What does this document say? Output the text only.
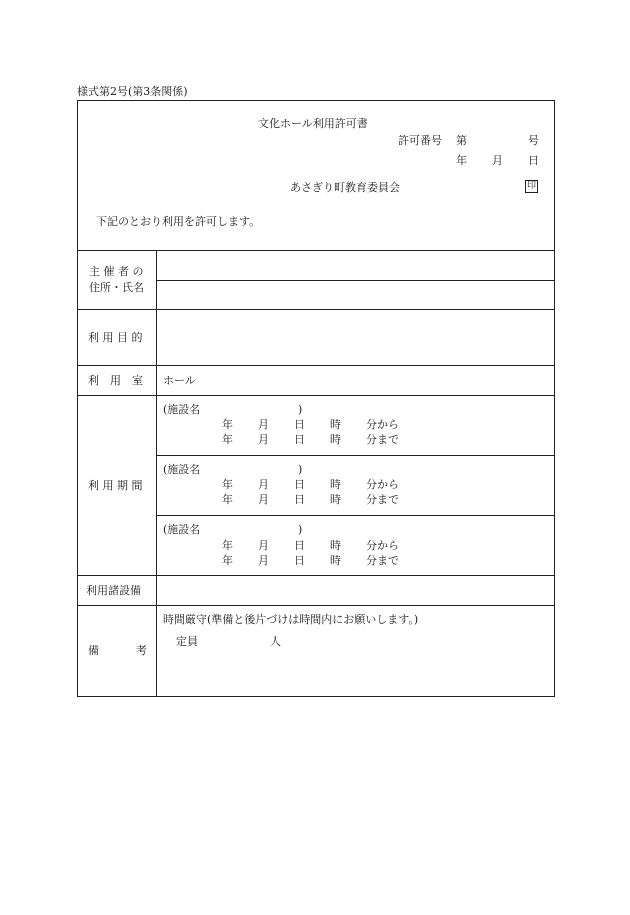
様式第2号(第3条関係)
文化ホール利用許可書
許可番号 第	号
年 月 日
あさぎり町教育委員会	印
下記のとおり利用を許可します。
主 催 者 の
住所・氏名
利 用 目 的
利　用　室 ホール
利 用 期 間
(施設名	)
年 月 日 時 分から
年 月 日 時 分まで
(施設名	)
年 月 日 時 分から
年 月 日 時 分まで
(施設名	)
年 月 日 時 分から
年 月 日 時 分まで
利用諸設備
備	考
時間厳守(準備と後片づけは時間内にお願いします。)
定員	人
